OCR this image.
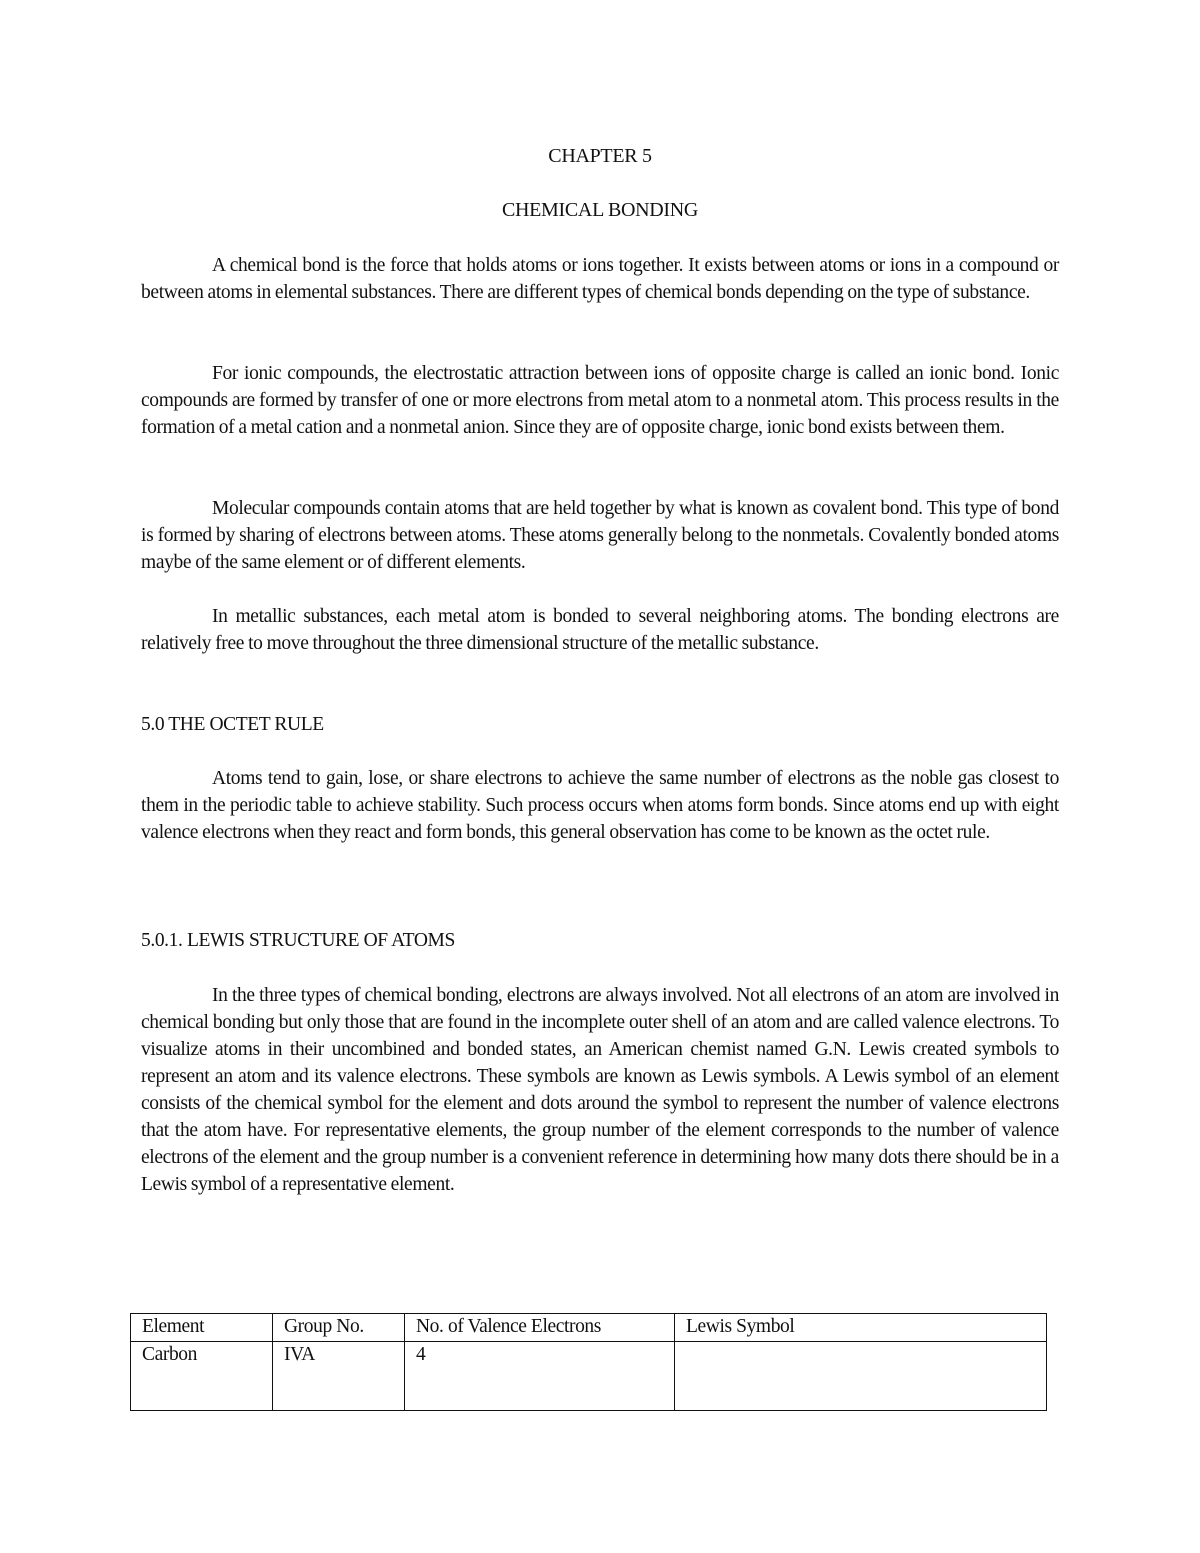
CHAPTER 5
CHEMICAL BONDING

A chemical bond is the force that holds atoms or ions together. It exists between atoms or ions in a compound or between atoms in elemental substances. There are different types of chemical bonds depending on the type of substance.

For ionic compounds, the electrostatic attraction between ions of opposite charge is called an ionic bond. Ionic compounds are formed by transfer of one or more electrons from metal atom to a nonmetal atom. This process results in the formation of a metal cation and a nonmetal anion. Since they are of opposite charge, ionic bond exists between them.

Molecular compounds contain atoms that are held together by what is known as covalent bond. This type of bond is formed by sharing of electrons between atoms. These atoms generally belong to the nonmetals. Covalently bonded atoms maybe of the same element or of different elements.

In metallic substances, each metal atom is bonded to several neighboring atoms. The bonding electrons are relatively free to move throughout the three dimensional structure of the metallic substance.

5.0 THE OCTET RULE

Atoms tend to gain, lose, or share electrons to achieve the same number of electrons as the noble gas closest to them in the periodic table to achieve stability. Such process occurs when atoms form bonds. Since atoms end up with eight valence electrons when they react and form bonds, this general observation has come to be known as the octet rule.

5.0.1. LEWIS STRUCTURE OF ATOMS

In the three types of chemical bonding, electrons are always involved. Not all electrons of an atom are involved in chemical bonding but only those that are found in the incomplete outer shell of an atom and are called valence electrons. To visualize atoms in their uncombined and bonded states, an American chemist named G.N. Lewis created symbols to represent an atom and its valence electrons. These symbols are known as Lewis symbols. A Lewis symbol of an element consists of the chemical symbol for the element and dots around the symbol to represent the number of valence electrons that the atom have. For representative elements, the group number of the element corresponds to the number of valence electrons of the element and the group number is a convenient reference in determining how many dots there should be in a Lewis symbol of a representative element.

Element	Group No.	No. of Valence Electrons	Lewis Symbol
Carbon	IVA	4	
